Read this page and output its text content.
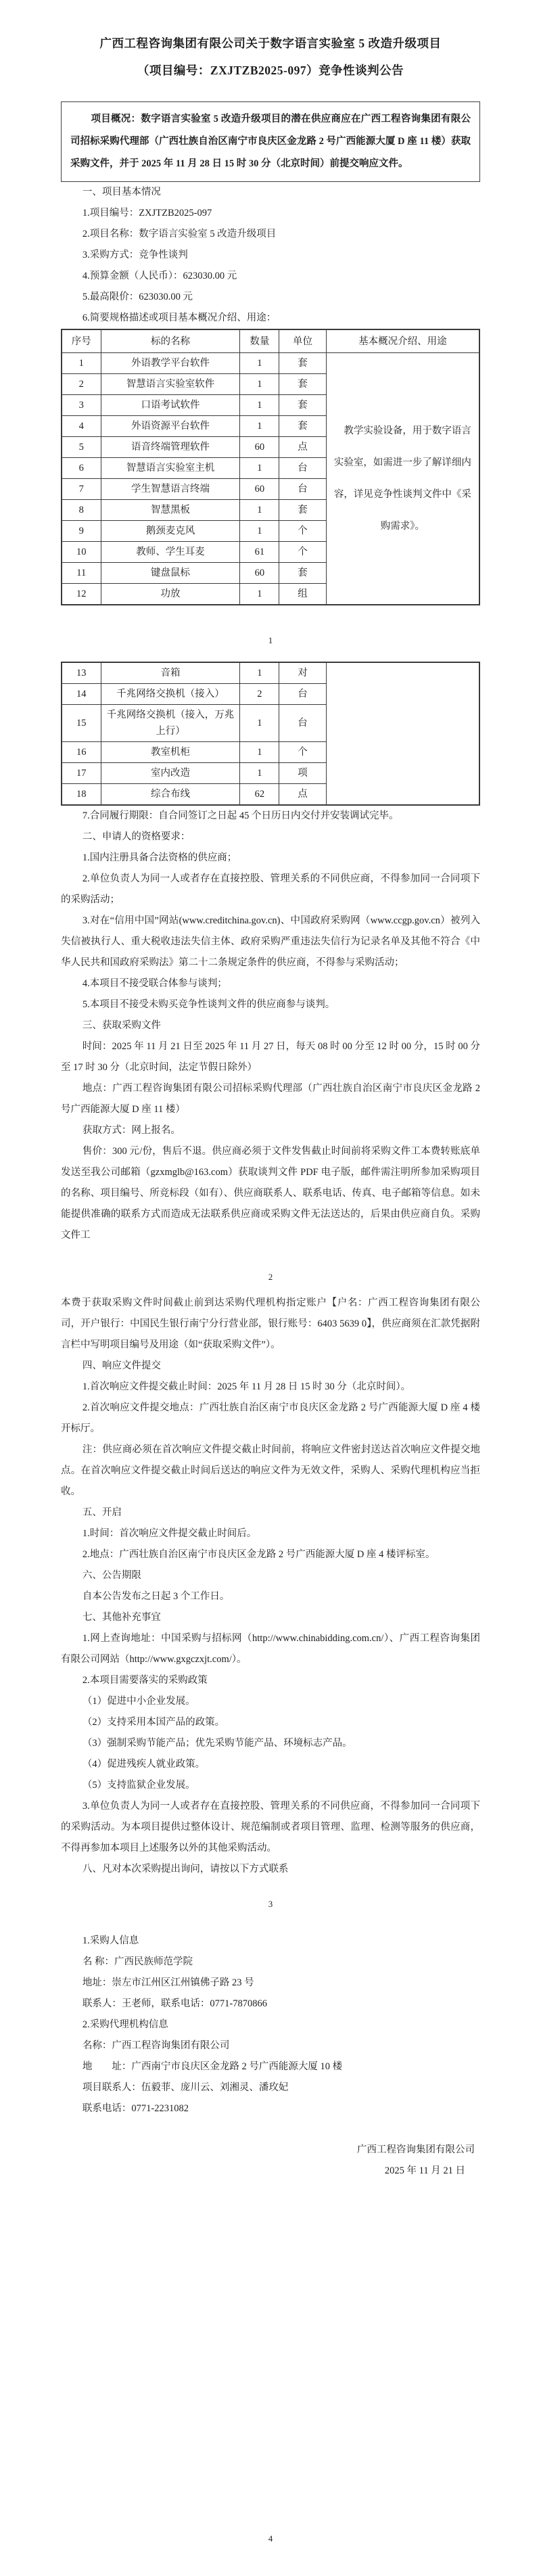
广西工程咨询集团有限公司关于数字语言实验室 5 改造升级项目
（项目编号：ZXJTZB2025-097）竞争性谈判公告

项目概况：数字语言实验室 5 改造升级项目的潜在供应商应在广西工程咨询集团有限公司招标采购代理部（广西壮族自治区南宁市良庆区金龙路 2 号广西能源大厦 D 座 11 楼）获取采购文件，并于 2025 年 11 月 28 日 15 时 30 分（北京时间）前提交响应文件。

一、项目基本情况

1.项目编号：ZXJTZB2025-097

2.项目名称：数字语言实验室 5 改造升级项目

3.采购方式：竞争性谈判

4.预算金额（人民币）：623030.00 元

5.最高限价：623030.00 元

6.简要规格描述或项目基本概况介绍、用途：

序号	标的名称	数量	单位	基本概况介绍、用途
1	外语教学平台软件	1	套	教学实验设备，用于数字语言实验室，如需进一步了解详细内容，详见竞争性谈判文件中《采购需求》。

2	智慧语言实验室软件	1	套	
3	口语考试软件	1	套	
4	外语资源平台软件	1	套	
5	语音终端管理软件	60	点	
6	智慧语言实验室主机	1	台	
7	学生智慧语言终端	60	台	
8	智慧黑板	1	套	
9	鹅颈麦克风	1	个	
10	教师、学生耳麦	61	个	
11	键盘鼠标	60	套	
12	功放	1	组	
1
13	音箱	1	对	

14	千兆网络交换机（接入）	2	台	
15	千兆网络交换机（接入，万兆上行）	1	台	
16	教室机柜	1	个	
17	室内改造	1	项	
18	综合布线	62	点	

7.合同履行期限：自合同签订之日起 45 个日历日内交付并安装调试完毕。

二、申请人的资格要求：

1.国内注册具备合法资格的供应商；

2.单位负责人为同一人或者存在直接控股、管理关系的不同供应商，不得参加同一合同项下的采购活动；

3.对在“信用中国”网站(www.creditchina.gov.cn)、中国政府采购网（www.ccgp.gov.cn）被列入失信被执行人、重大税收违法失信主体、政府采购严重违法失信行为记录名单及其他不符合《中华人民共和国政府采购法》第二十二条规定条件的供应商，不得参与采购活动；

4.本项目不接受联合体参与谈判；

5.本项目不接受未购买竞争性谈判文件的供应商参与谈判。

三、获取采购文件

时间：2025 年 11 月 21 日至 2025 年 11 月 27 日，每天 08 时 00 分至 12 时 00 分，15 时 00 分至 17 时 30 分（北京时间，法定节假日除外）

地点：广西工程咨询集团有限公司招标采购代理部（广西壮族自治区南宁市良庆区金龙路 2 号广西能源大厦 D 座 11 楼）

获取方式：网上报名。

售价：300 元/份，售后不退。供应商必须于文件发售截止时间前将采购文件工本费转账底单发送至我公司邮箱（gzxmglb@163.com）获取谈判文件 PDF 电子版，邮件需注明所参加采购项目的名称、项目编号、所竞标段（如有）、供应商联系人、联系电话、传真、电子邮箱等信息。如未能提供准确的联系方式而造成无法联系供应商或采购文件无法送达的，后果由供应商自负。采购文件工

2

本费于获取采购文件时间截止前到达采购代理机构指定账户【户名：广西工程咨询集团有限公司，开户银行：中国民生银行南宁分行营业部，银行账号：6403 5639 0】，供应商须在汇款凭据附言栏中写明项目编号及用途（如“获取采购文件”）。

四、响应文件提交

1.首次响应文件提交截止时间：2025 年 11 月 28 日 15 时 30 分（北京时间）。

2.首次响应文件提交地点：广西壮族自治区南宁市良庆区金龙路 2 号广西能源大厦 D 座 4 楼开标厅。

注：供应商必须在首次响应文件提交截止时间前，将响应文件密封送达首次响应文件提交地点。在首次响应文件提交截止时间后送达的响应文件为无效文件，采购人、采购代理机构应当拒收。

五、开启

1.时间：首次响应文件提交截止时间后。

2.地点：广西壮族自治区南宁市良庆区金龙路 2 号广西能源大厦 D 座 4 楼评标室。

六、公告期限

自本公告发布之日起 3 个工作日。

七、其他补充事宜

1.网上查询地址：中国采购与招标网（http://www.chinabidding.com.cn/）、广西工程咨询集团有限公司网站（http://www.gxgczxjt.com/）。

2.本项目需要落实的采购政策

（1）促进中小企业发展。

（2）支持采用本国产品的政策。

（3）强制采购节能产品；优先采购节能产品、环境标志产品。

（4）促进残疾人就业政策。

（5）支持监狱企业发展。

3.单位负责人为同一人或者存在直接控股、管理关系的不同供应商，不得参加同一合同项下的采购活动。为本项目提供过整体设计、规范编制或者项目管理、监理、检测等服务的供应商，不得再参加本项目上述服务以外的其他采购活动。

八、凡对本次采购提出询问，请按以下方式联系

3

1.采购人信息

名 称：广西民族师范学院

地址：崇左市江州区江州镇佛子路 23 号

联系人：王老师，联系电话：0771-7870866

2.采购代理机构信息

名称：广西工程咨询集团有限公司

地　　址：广西南宁市良庆区金龙路 2 号广西能源大厦 10 楼

项目联系人：伍毅菲、庞川云、刘湘灵、潘玫妃

联系电话：0771-2231082

广西工程咨询集团有限公司

2025 年 11 月 21 日

4
